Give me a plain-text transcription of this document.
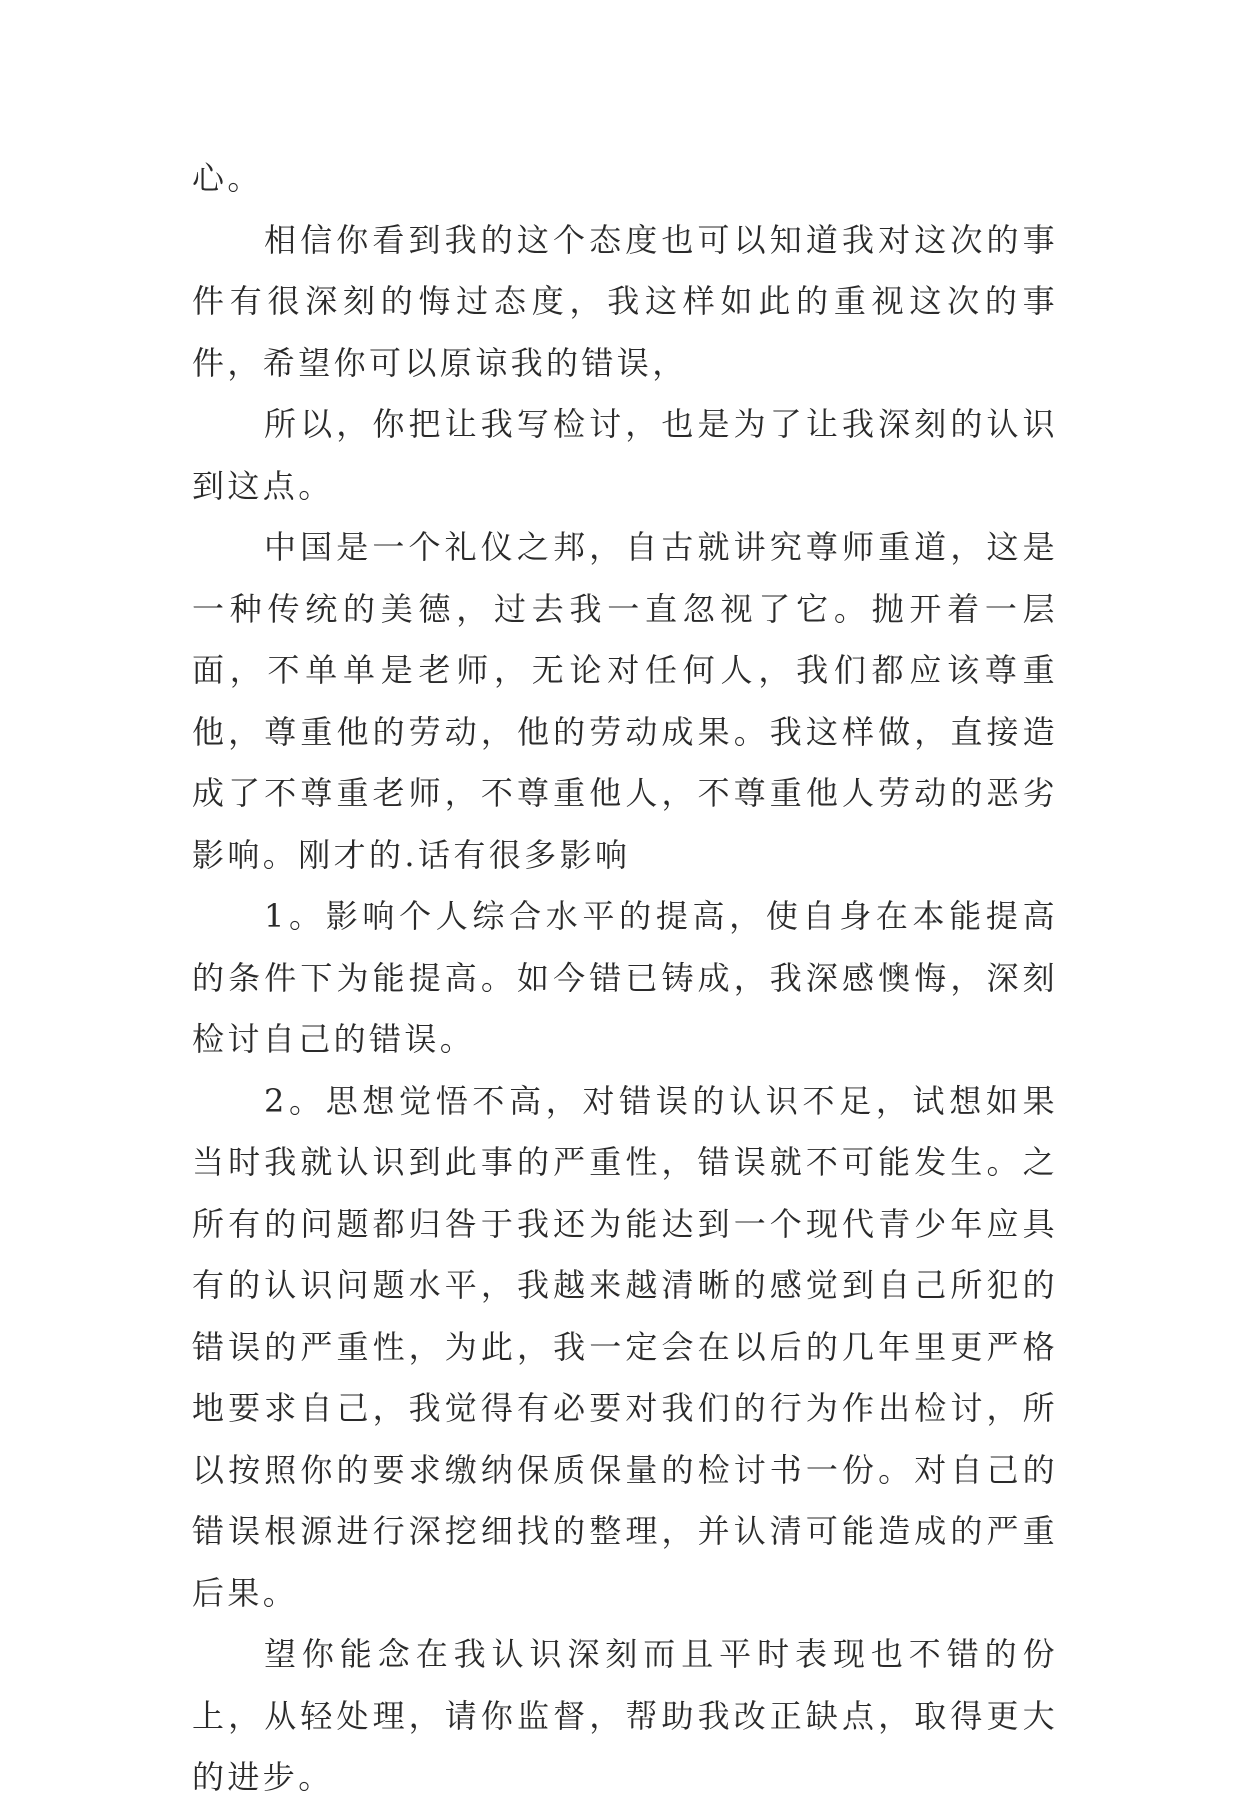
心。

相信你看到我的这个态度也可以知道我对这次的事件有很深刻的悔过态度，我这样如此的重视这次的事件，希望你可以原谅我的错误，

所以，你把让我写检讨，也是为了让我深刻的认识到这点。

中国是一个礼仪之邦，自古就讲究尊师重道，这是一种传统的美德，过去我一直忽视了它。抛开着一层面，不单单是老师，无论对任何人，我们都应该尊重他，尊重他的劳动，他的劳动成果。我这样做，直接造成了不尊重老师，不尊重他人，不尊重他人劳动的恶劣影响。刚才的.话有很多影响

1。影响个人综合水平的提高，使自身在本能提高的条件下为能提高。如今错已铸成，我深感懊悔，深刻检讨自己的错误。

2。思想觉悟不高，对错误的认识不足，试想如果当时我就认识到此事的严重性，错误就不可能发生。之所有的问题都归咎于我还为能达到一个现代青少年应具有的认识问题水平，我越来越清晰的感觉到自己所犯的错误的严重性，为此，我一定会在以后的几年里更严格地要求自己，我觉得有必要对我们的行为作出检讨，所以按照你的要求缴纳保质保量的检讨书一份。对自己的错误根源进行深挖细找的整理，并认清可能造成的严重后果。

望你能念在我认识深刻而且平时表现也不错的份上，从轻处理，请你监督，帮助我改正缺点，取得更大的进步。
